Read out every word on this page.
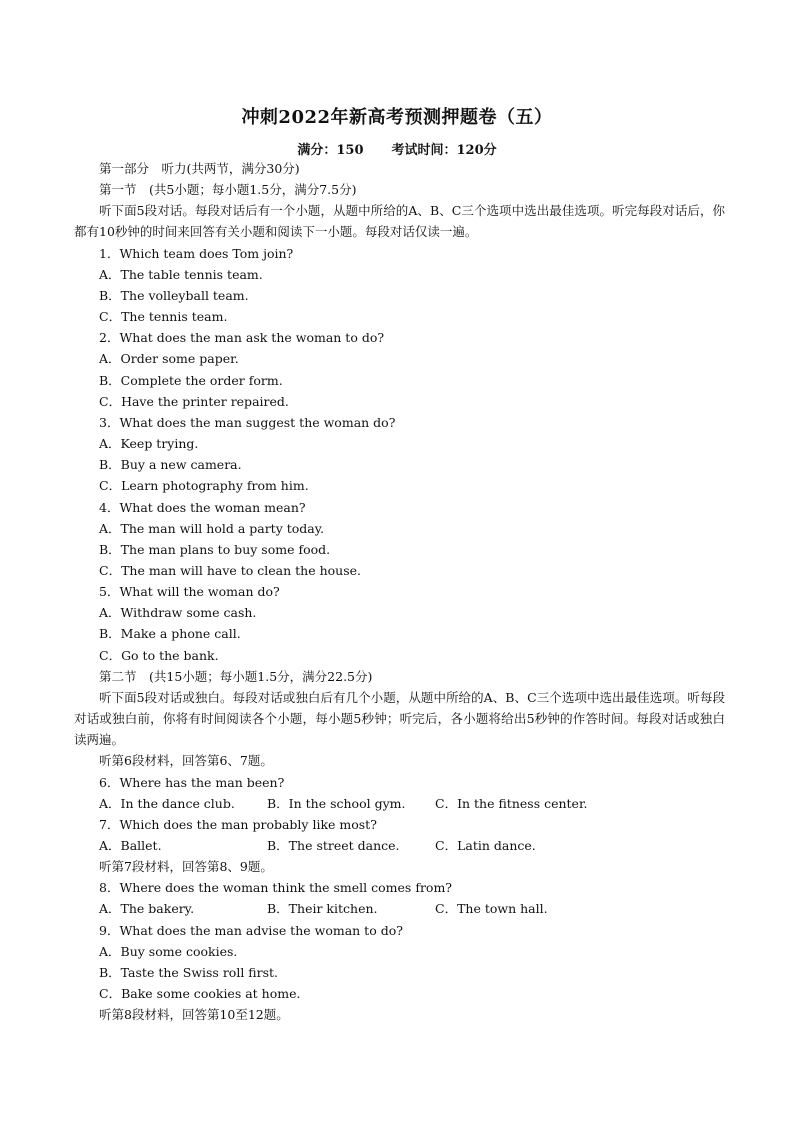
冲刺2022年新高考预测押题卷（五）
满分：150 考试时间：120分
第一部分　听力(共两节，满分30分)
第一节　(共5小题；每小题1.5分，满分7.5分)
听下面5段对话。每段对话后有一个小题，从题中所给的A、B、C三个选项中选出最佳选项。听完每段对话后，你都有10秒钟的时间来回答有关小题和阅读下一小题。每段对话仅读一遍。
1．Which team does Tom join?
A．The table tennis team.
B．The volleyball team.
C．The tennis team.
2．What does the man ask the woman to do?
A．Order some paper.
B．Complete the order form.
C．Have the printer repaired.
3．What does the man suggest the woman do?
A．Keep trying.
B．Buy a new camera.
C．Learn photography from him.
4．What does the woman mean?
A．The man will hold a party today.
B．The man plans to buy some food.
C．The man will have to clean the house.
5．What will the woman do?
A．Withdraw some cash.
B．Make a phone call.
C．Go to the bank.
第二节　(共15小题；每小题1.5分，满分22.5分)
听下面5段对话或独白。每段对话或独白后有几个小题，从题中所给的A、B、C三个选项中选出最佳选项。听每段对话或独白前，你将有时间阅读各个小题，每小题5秒钟；听完后，各小题将给出5秒钟的作答时间。每段对话或独白读两遍。
听第6段材料，回答第6、7题。
6．Where has the man been?
A．In the dance club.	B．In the school gym.	C．In the fitness center.
7．Which does the man probably like most?
A．Ballet.	B．The street dance.	C．Latin dance.
听第7段材料，回答第8、9题。
8．Where does the woman think the smell comes from?
A．The bakery.	B．Their kitchen.	C．The town hall.
9．What does the man advise the woman to do?
A．Buy some cookies.
B．Taste the Swiss roll first.
C．Bake some cookies at home.
听第8段材料，回答第10至12题。
